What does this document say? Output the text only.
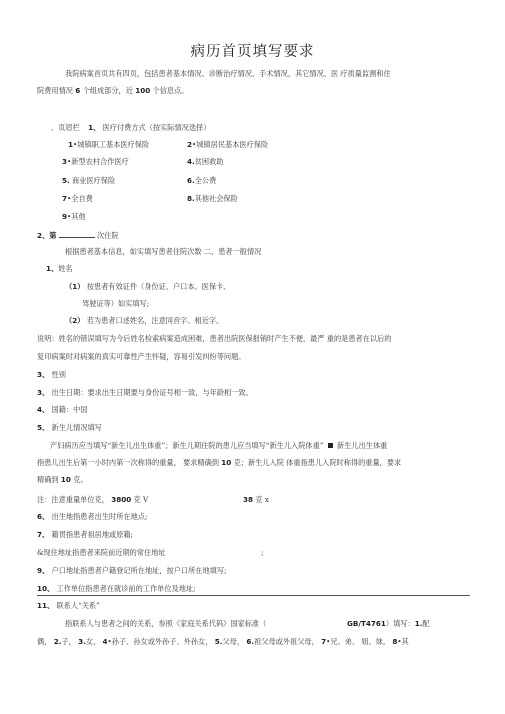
病历首页填写要求
我院病案首页共有四页，包括患者基本情况、诊断治疗情况、手术情况，其它情况、医 疗质量监测和住
院费用情况 6 个组成部分，近 100 个信息点。
、页眉栏 1、 医疗付费方式（按实际情况选择）
1•城镇职工基本医疗保险	2•城镇居民基本医疗保险
3•新型农村合作医疗	4.贫困救助
5. 商业医疗保险	6.全公费
7•全自费	8.其他社会保险
9•其他
2、第	次住院
根据患者基本信息，如实填写患者住院次数 二、患者一般情况
1、姓名
（1） 按患者有效证件（身份证、户口本、医保卡、
驾驶证等）如实填写;
（2） 若为患者口述姓名，注意同音字、相近字。
说明：姓名的错误填写为今后姓名检索病案造成困难，患者出院医保报销时产生不便，最严 重的是患者在以后的
复印病案时对病案的真实可靠性产生怀疑，容易引发纠纷等问题。
3、 性别
3、 出生日期：要求出生日期要与身份证号相一致，与年龄相一致。
4、 国籍：中国
5、 新生儿情况填写
产妇病历应当填写“新生儿出生体重”；新生儿期住院的患儿应当填写“新生儿入院体重” 新生儿出生体重
指患儿出生后第一小时内第一次称得的重量， 要求精确到 10 克；新生儿入院 体重指患儿入院时称得的重量，要求
精确到 10 克。
注：注意重量单位克， 3800 克 V	38 克 x
6、 出生地指患者出生时所在地点;
7、 籍贯指患者祖居地或原籍;
&现住地址指患者来院前近期的常住地址	;
9、 户口地址指患者户籍登记所在地址，按户口所在地填写;
10、 工作单位指患者在就诊前的工作单位及地址;
11、 联系人“关系”
指联系人与患者之间的关系，参照《家庭关系代码》国家标准（	GB/T4761）填写：1.配
偶， 2.子， 3.女， 4•孙子、孙女或外孙子、外孙女， 5.父母， 6.祖父母或外祖父母， 7•兄、弟、 姐、妹， 8•其
